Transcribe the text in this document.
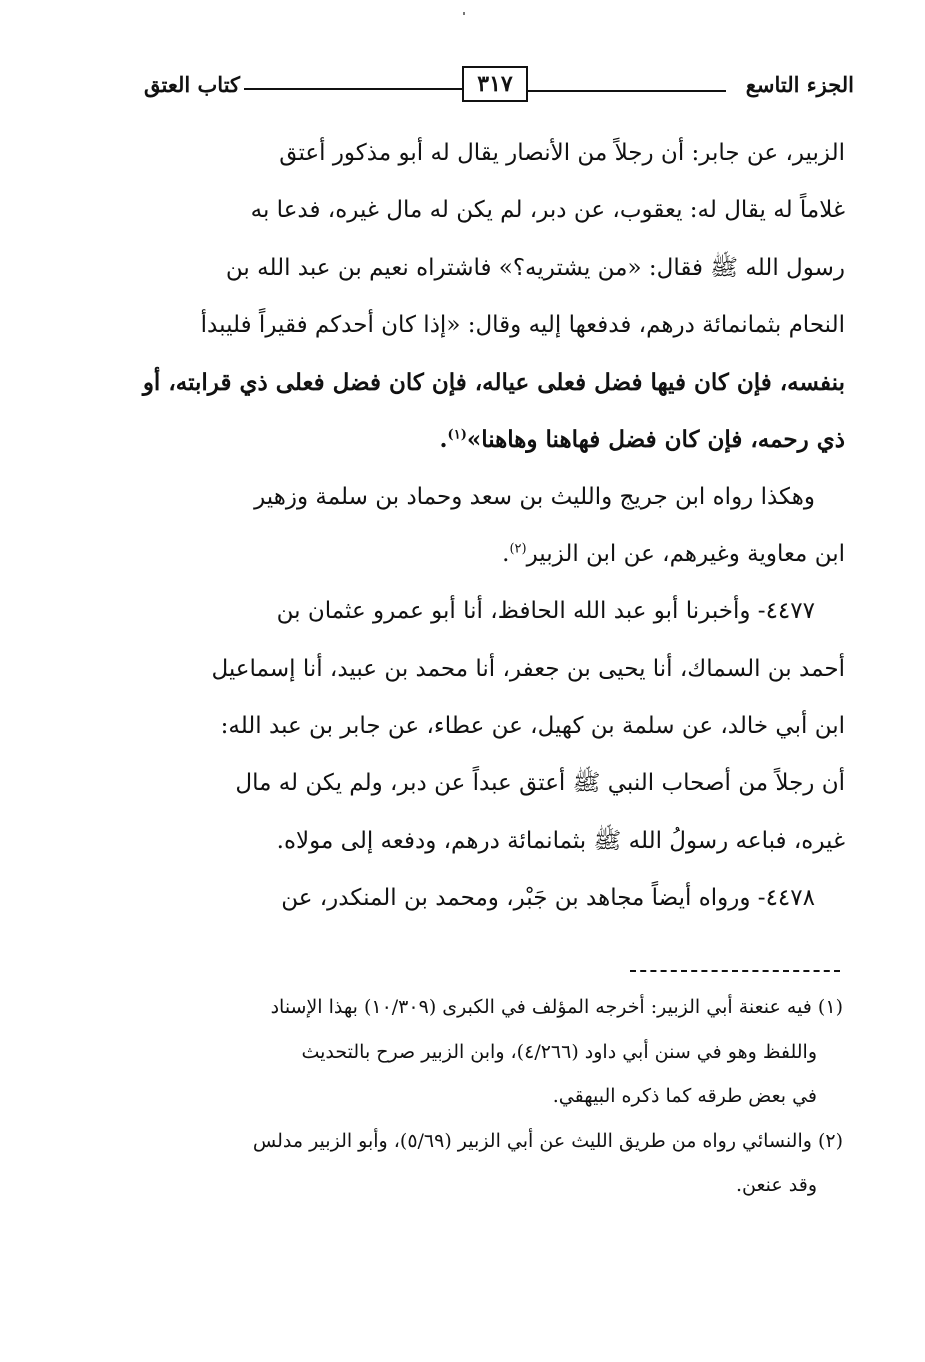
كتاب العتق	٣١٧	الجزء التاسع
الزبير، عن جابر: أن رجلاً من الأنصار يقال له أبو مذكور أعتق
غلاماً له يقال له: يعقوب، عن دبر، لم يكن له مال غيره، فدعا به
رسول الله ﷺ فقال: «من يشتريه؟» فاشتراه نعيم بن عبد الله بن
النحام بثمانمائة درهم، فدفعها إليه وقال: «إذا كان أحدكم فقيراً فليبدأ
بنفسه، فإن كان فيها فضل فعلى عياله، فإن كان فضل فعلى ذي قرابته، أو
ذي رحمه، فإن كان فضل فهاهنا وهاهنا»$^{(١)}$.
وهكذا رواه ابن جريج والليث بن سعد وحماد بن سلمة وزهير
ابن معاوية وغيرهم، عن ابن الزبير$^{(٢)}$.
٤٤٧٧- وأخبرنا أبو عبد الله الحافظ، أنا أبو عمرو عثمان بن
أحمد بن السماك، أنا يحيى بن جعفر، أنا محمد بن عبيد، أنا إسماعيل
ابن أبي خالد، عن سلمة بن كهيل، عن عطاء، عن جابر بن عبد الله:
أن رجلاً من أصحاب النبي ﷺ أعتق عبداً عن دبر، ولم يكن له مال
غيره، فباعه رسولُ الله ﷺ بثمانمائة درهم، ودفعه إلى مولاه.
٤٤٧٨- ورواه أيضاً مجاهد بن جَبْر، ومحمد بن المنكدر، عن
(١) فيه عنعنة أبي الزبير: أخرجه المؤلف في الكبرى (١٠/٣٠٩) بهذا الإسناد
واللفظ وهو في سنن أبي داود (٤/٢٦٦)، وابن الزبير صرح بالتحديث
في بعض طرقه كما ذكره البيهقي.
(٢) والنسائي رواه من طريق الليث عن أبي الزبير (٥/٦٩)، وأبو الزبير مدلس
وقد عنعن.
